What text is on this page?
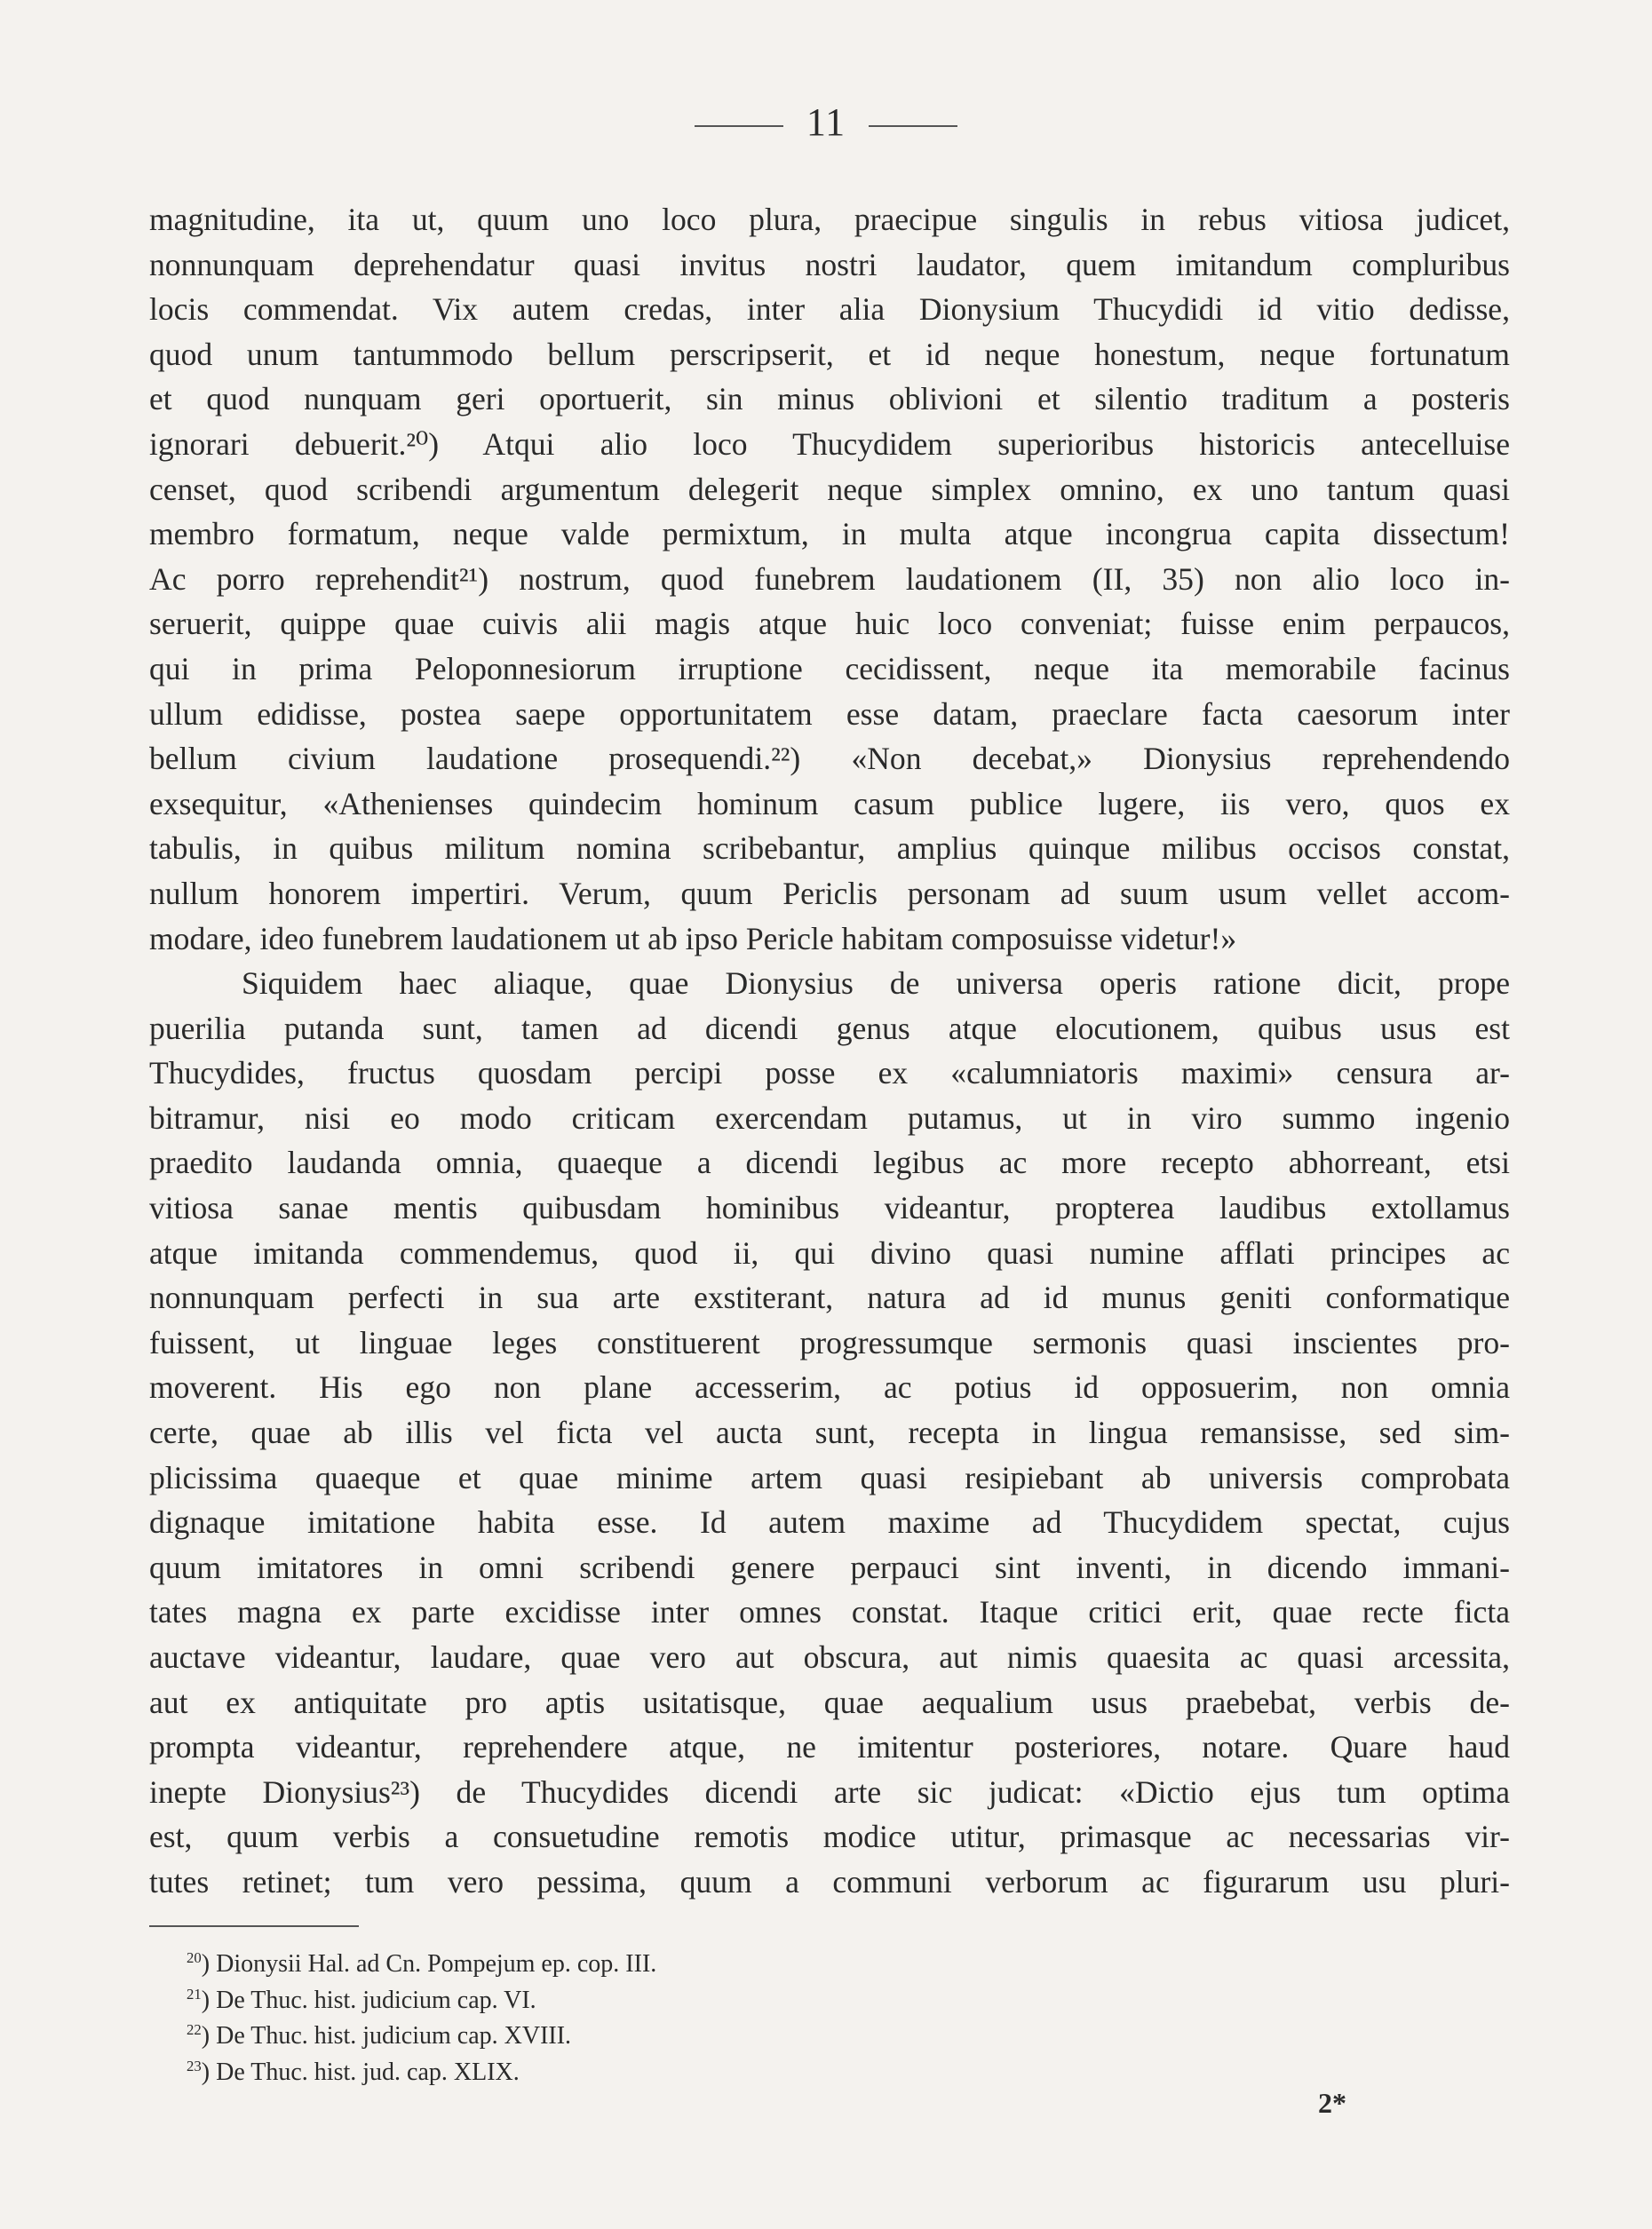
11
magnitudine, ita ut, quum uno loco plura, praecipue singulis in rebus vitiosa judicet,
nonnunquam deprehendatur quasi invitus nostri laudator, quem imitandum compluribus
locis commendat. Vix autem credas, inter alia Dionysium Thucydidi id vitio dedisse,
quod unum tantummodo bellum perscripserit, et id neque honestum, neque fortunatum
et quod nunquam geri oportuerit, sin minus oblivioni et silentio traditum a posteris
ignorari debuerit.²⁰) Atqui alio loco Thucydidem superioribus historicis antecelluise
censet, quod scribendi argumentum delegerit neque simplex omnino, ex uno tantum quasi
membro formatum, neque valde permixtum, in multa atque incongrua capita dissectum!
Ac porro reprehendit²¹) nostrum, quod funebrem laudationem (II, 35) non alio loco in-
seruerit, quippe quae cuivis alii magis atque huic loco conveniat; fuisse enim perpaucos,
qui in prima Peloponnesiorum irruptione cecidissent, neque ita memorabile facinus
ullum edidisse, postea saepe opportunitatem esse datam, praeclare facta caesorum inter
bellum civium laudatione prosequendi.²²) «Non decebat,» Dionysius reprehendendo
exsequitur, «Athenienses quindecim hominum casum publice lugere, iis vero, quos ex
tabulis, in quibus militum nomina scribebantur, amplius quinque milibus occisos constat,
nullum honorem impertiri. Verum, quum Periclis personam ad suum usum vellet accom-
modare, ideo funebrem laudationem ut ab ipso Pericle habitam composuisse videtur!»
Siquidem haec aliaque, quae Dionysius de universa operis ratione dicit, prope
puerilia putanda sunt, tamen ad dicendi genus atque elocutionem, quibus usus est
Thucydides, fructus quosdam percipi posse ex «calumniatoris maximi» censura ar-
bitramur, nisi eo modo criticam exercendam putamus, ut in viro summo ingenio
praedito laudanda omnia, quaeque a dicendi legibus ac more recepto abhorreant, etsi
vitiosa sanae mentis quibusdam hominibus videantur, propterea laudibus extollamus
atque imitanda commendemus, quod ii, qui divino quasi numine afflati principes ac
nonnunquam perfecti in sua arte exstiterant, natura ad id munus geniti conformatique
fuissent, ut linguae leges constituerent progressumque sermonis quasi inscientes pro-
moverent. His ego non plane accesserim, ac potius id opposuerim, non omnia
certe, quae ab illis vel ficta vel aucta sunt, recepta in lingua remansisse, sed sim-
plicissima quaeque et quae minime artem quasi resipiebant ab universis comprobata
dignaque imitatione habita esse. Id autem maxime ad Thucydidem spectat, cujus
quum imitatores in omni scribendi genere perpauci sint inventi, in dicendo immani-
tates magna ex parte excidisse inter omnes constat. Itaque critici erit, quae recte ficta
auctave videantur, laudare, quae vero aut obscura, aut nimis quaesita ac quasi arcessita,
aut ex antiquitate pro aptis usitatisque, quae aequalium usus praebebat, verbis de-
prompta videantur, reprehendere atque, ne imitentur posteriores, notare. Quare haud
inepte Dionysius²³) de Thucydides dicendi arte sic judicat: «Dictio ejus tum optima
est, quum verbis a consuetudine remotis modice utitur, primasque ac necessarias vir-
tutes retinet; tum vero pessima, quum a communi verborum ac figurarum usu pluri-
$^{20}$) Dionysii Hal. ad Cn. Pompejum ep. cop. III.
$^{21}$) De Thuc. hist. judicium cap. VI.
$^{22}$) De Thuc. hist. judicium cap. XVIII.
$^{23}$) De Thuc. hist. jud. cap. XLIX.
2*
